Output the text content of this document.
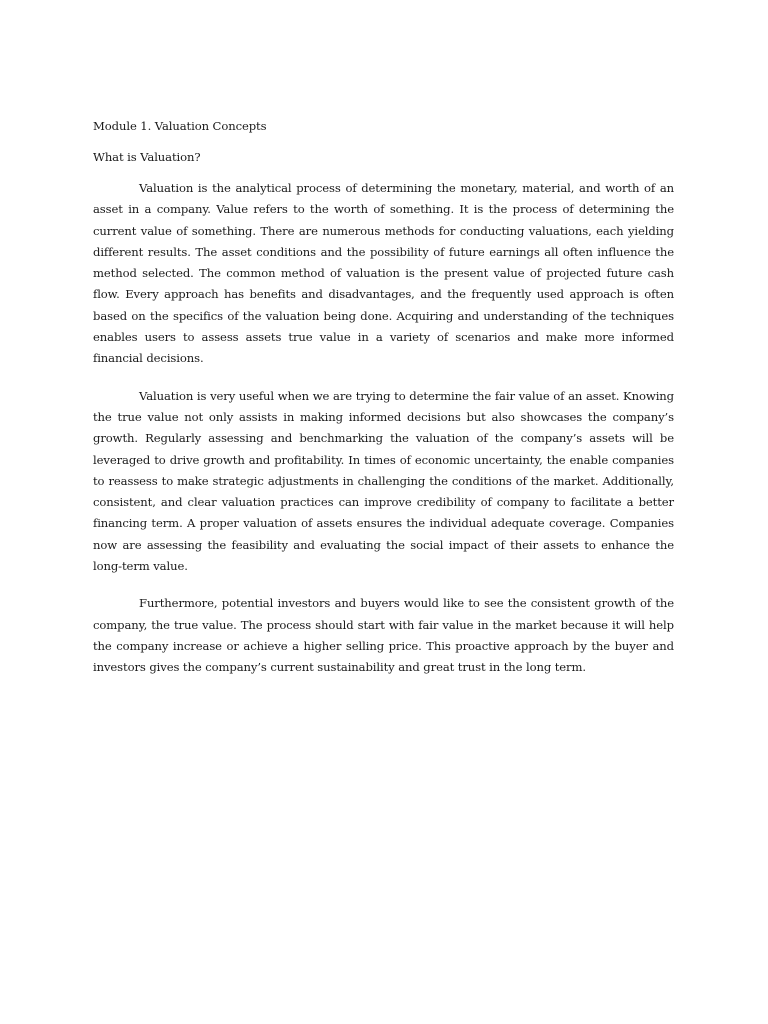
Module 1. Valuation Concepts

What is Valuation?

Valuation is the analytical process of determining the monetary, material, and worth of an asset in a company. Value refers to the worth of something. It is the process of determining the current value of something. There are numerous methods for conducting valuations, each yielding different results. The asset conditions and the possibility of future earnings all often influence the method selected. The common method of valuation is the present value of projected future cash flow. Every approach has benefits and disadvantages, and the frequently used approach is often based on the specifics of the valuation being done. Acquiring and understanding of the techniques enables users to assess assets true value in a variety of scenarios and make more informed financial decisions.

Valuation is very useful when we are trying to determine the fair value of an asset. Knowing the true value not only assists in making informed decisions but also showcases the company’s growth. Regularly assessing and benchmarking the valuation of the company’s assets will be leveraged to drive growth and profitability. In times of economic uncertainty, the enable companies to reassess to make strategic adjustments in challenging the conditions of the market. Additionally, consistent, and clear valuation practices can improve credibility of company to facilitate a better financing term. A proper valuation of assets ensures the individual adequate coverage. Companies now are assessing the feasibility and evaluating the social impact of their assets to enhance the long-term value.

Furthermore, potential investors and buyers would like to see the consistent growth of the company, the true value. The process should start with fair value in the market because it will help the company increase or achieve a higher selling price. This proactive approach by the buyer and investors gives the company’s current sustainability and great trust in the long term.
